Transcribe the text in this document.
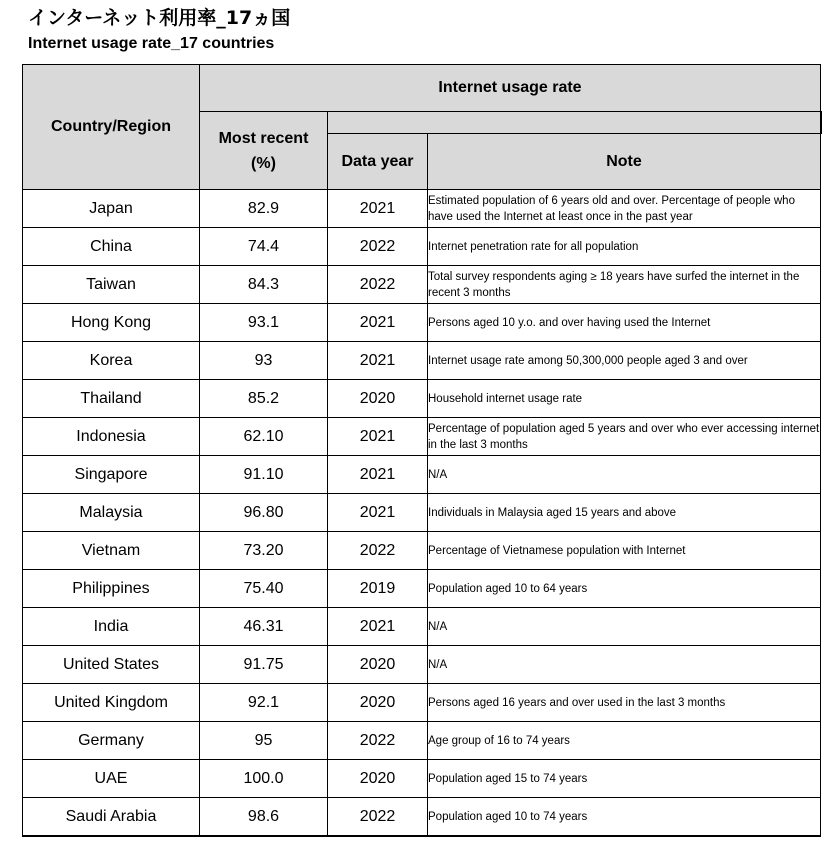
インターネット利用率_17ヵ国
Internet usage rate_17 countries
Country/Region	Internet usage rate		

	Most recent
(%)		

		Data year	Note
Japan	82.9	2021	Estimated population of 6 years old and over. Percentage of people who have used the Internet at least once in the past year
China	74.4	2022	Internet penetration rate for all population
Taiwan	84.3	2022	Total survey respondents aging ≥ 18 years have surfed the internet in the recent 3 months
Hong Kong	93.1	2021	Persons aged 10 y.o. and over having used the Internet
Korea	93	2021	Internet usage rate among 50,300,000 people aged 3 and over
Thailand	85.2	2020	Household internet usage rate
Indonesia	62.10	2021	Percentage of population aged 5 years and over who ever accessing internet in the last 3 months
Singapore	91.10	2021	N/A
Malaysia	96.80	2021	Individuals in Malaysia aged 15 years and above
Vietnam	73.20	2022	Percentage of Vietnamese population with Internet
Philippines	75.40	2019	Population aged 10 to 64 years
India	46.31	2021	N/A
United States	91.75	2020	N/A
United Kingdom	92.1	2020	Persons aged 16 years and over used in the last 3 months
Germany	95	2022	Age group of 16 to 74 years
UAE	100.0	2020	Population aged 15 to 74 years
Saudi Arabia	98.6	2022	Population aged 10 to 74 years
